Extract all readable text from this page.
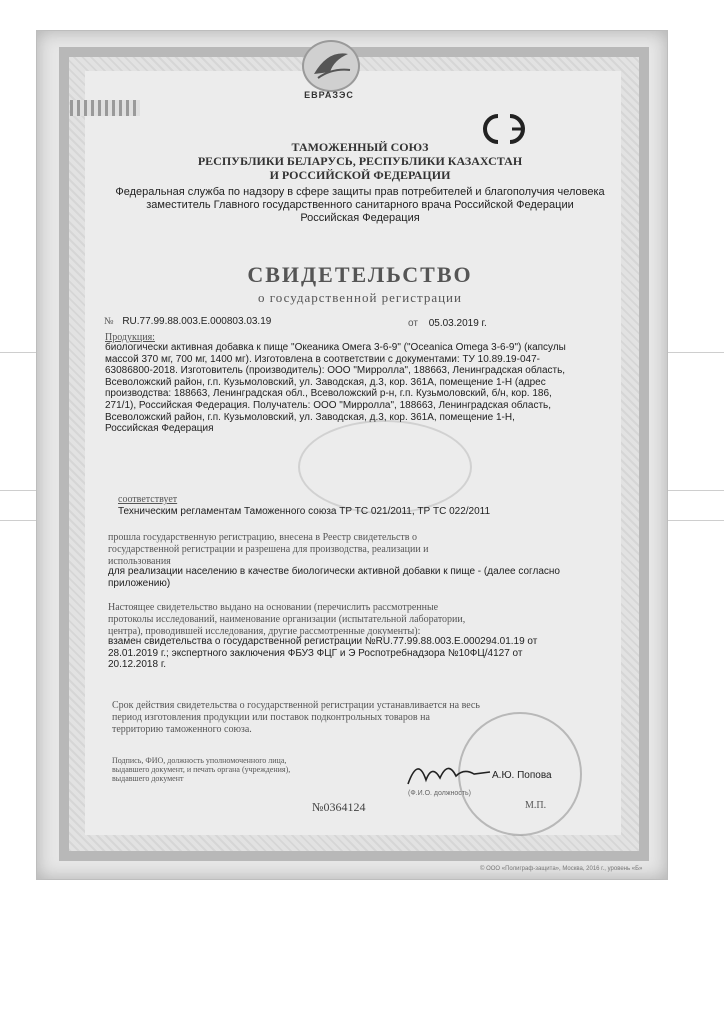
ЕВРАЗЭС
ТАМОЖЕННЫЙ СОЮЗ
РЕСПУБЛИКИ БЕЛАРУСЬ, РЕСПУБЛИКИ КАЗАХСТАН
И РОССИЙСКОЙ ФЕДЕРАЦИИ
Федеральная служба по надзору в сфере защиты прав потребителей и благополучия человека
заместитель Главного государственного санитарного врача Российской Федерации
Российская Федерация
СВИДЕТЕЛЬСТВО
о государственной регистрации
№ RU.77.99.88.003.Е.000803.03.19	от 05.03.2019 г.
Продукция:
биологически активная добавка к пище "Океаника Омега 3-6-9" ("Oceanica Omega 3-6-9") (капсулы
массой 370 мг, 700 мг, 1400 мг). Изготовлена в соответствии с документами: ТУ 10.89.19-047-
63086800-2018. Изготовитель (производитель): ООО "Мирролла", 188663, Ленинградская область,
Всеволожский район, г.п. Кузьмоловский, ул. Заводская, д.3, кор. 361А, помещение 1-Н (адрес
производства: 188663, Ленинградская обл., Всеволожский р-н, г.п. Кузьмоловский, б/н, кор. 186,
271/1), Российская Федерация. Получатель: ООО "Мирролла", 188663, Ленинградская область,
Всеволожский район, г.п. Кузьмоловский, ул. Заводская, д.3, кор. 361А, помещение 1-Н,
Российская Федерация
соответствует
Техническим регламентам Таможенного союза ТР ТС 021/2011, ТР ТС 022/2011
прошла государственную регистрацию, внесена в Реестр свидетельств о
государственной регистрации и разрешена для производства, реализации и
использования
для реализации населению в качестве биологически активной добавки к пище - (далее согласно
приложению)
Настоящее свидетельство выдано на основании (перечислить рассмотренные
протоколы исследований, наименование организации (испытательной лаборатории,
центра), проводившей исследования, другие рассмотренные документы):
взамен свидетельства о государственной регистрации №RU.77.99.88.003.Е.000294.01.19 от
28.01.2019 г.; экспертного заключения ФБУЗ ФЦГ и Э Роспотребнадзора №10ФЦ/4127 от
20.12.2018 г.
Срок действия свидетельства о государственной регистрации устанавливается на весь
период изготовления продукции или поставок подконтрольных товаров на
территорию таможенного союза.
Подпись, ФИО, должность уполномоченного лица,
выдавшего документ, и печать органа (учреждения),
выдавшего документ	А.Ю. Попова
(Ф.И.О. должность)
№0364124	М.П.
© ООО «Полиграф-защита», Москва, 2016 г., уровень «Б»
